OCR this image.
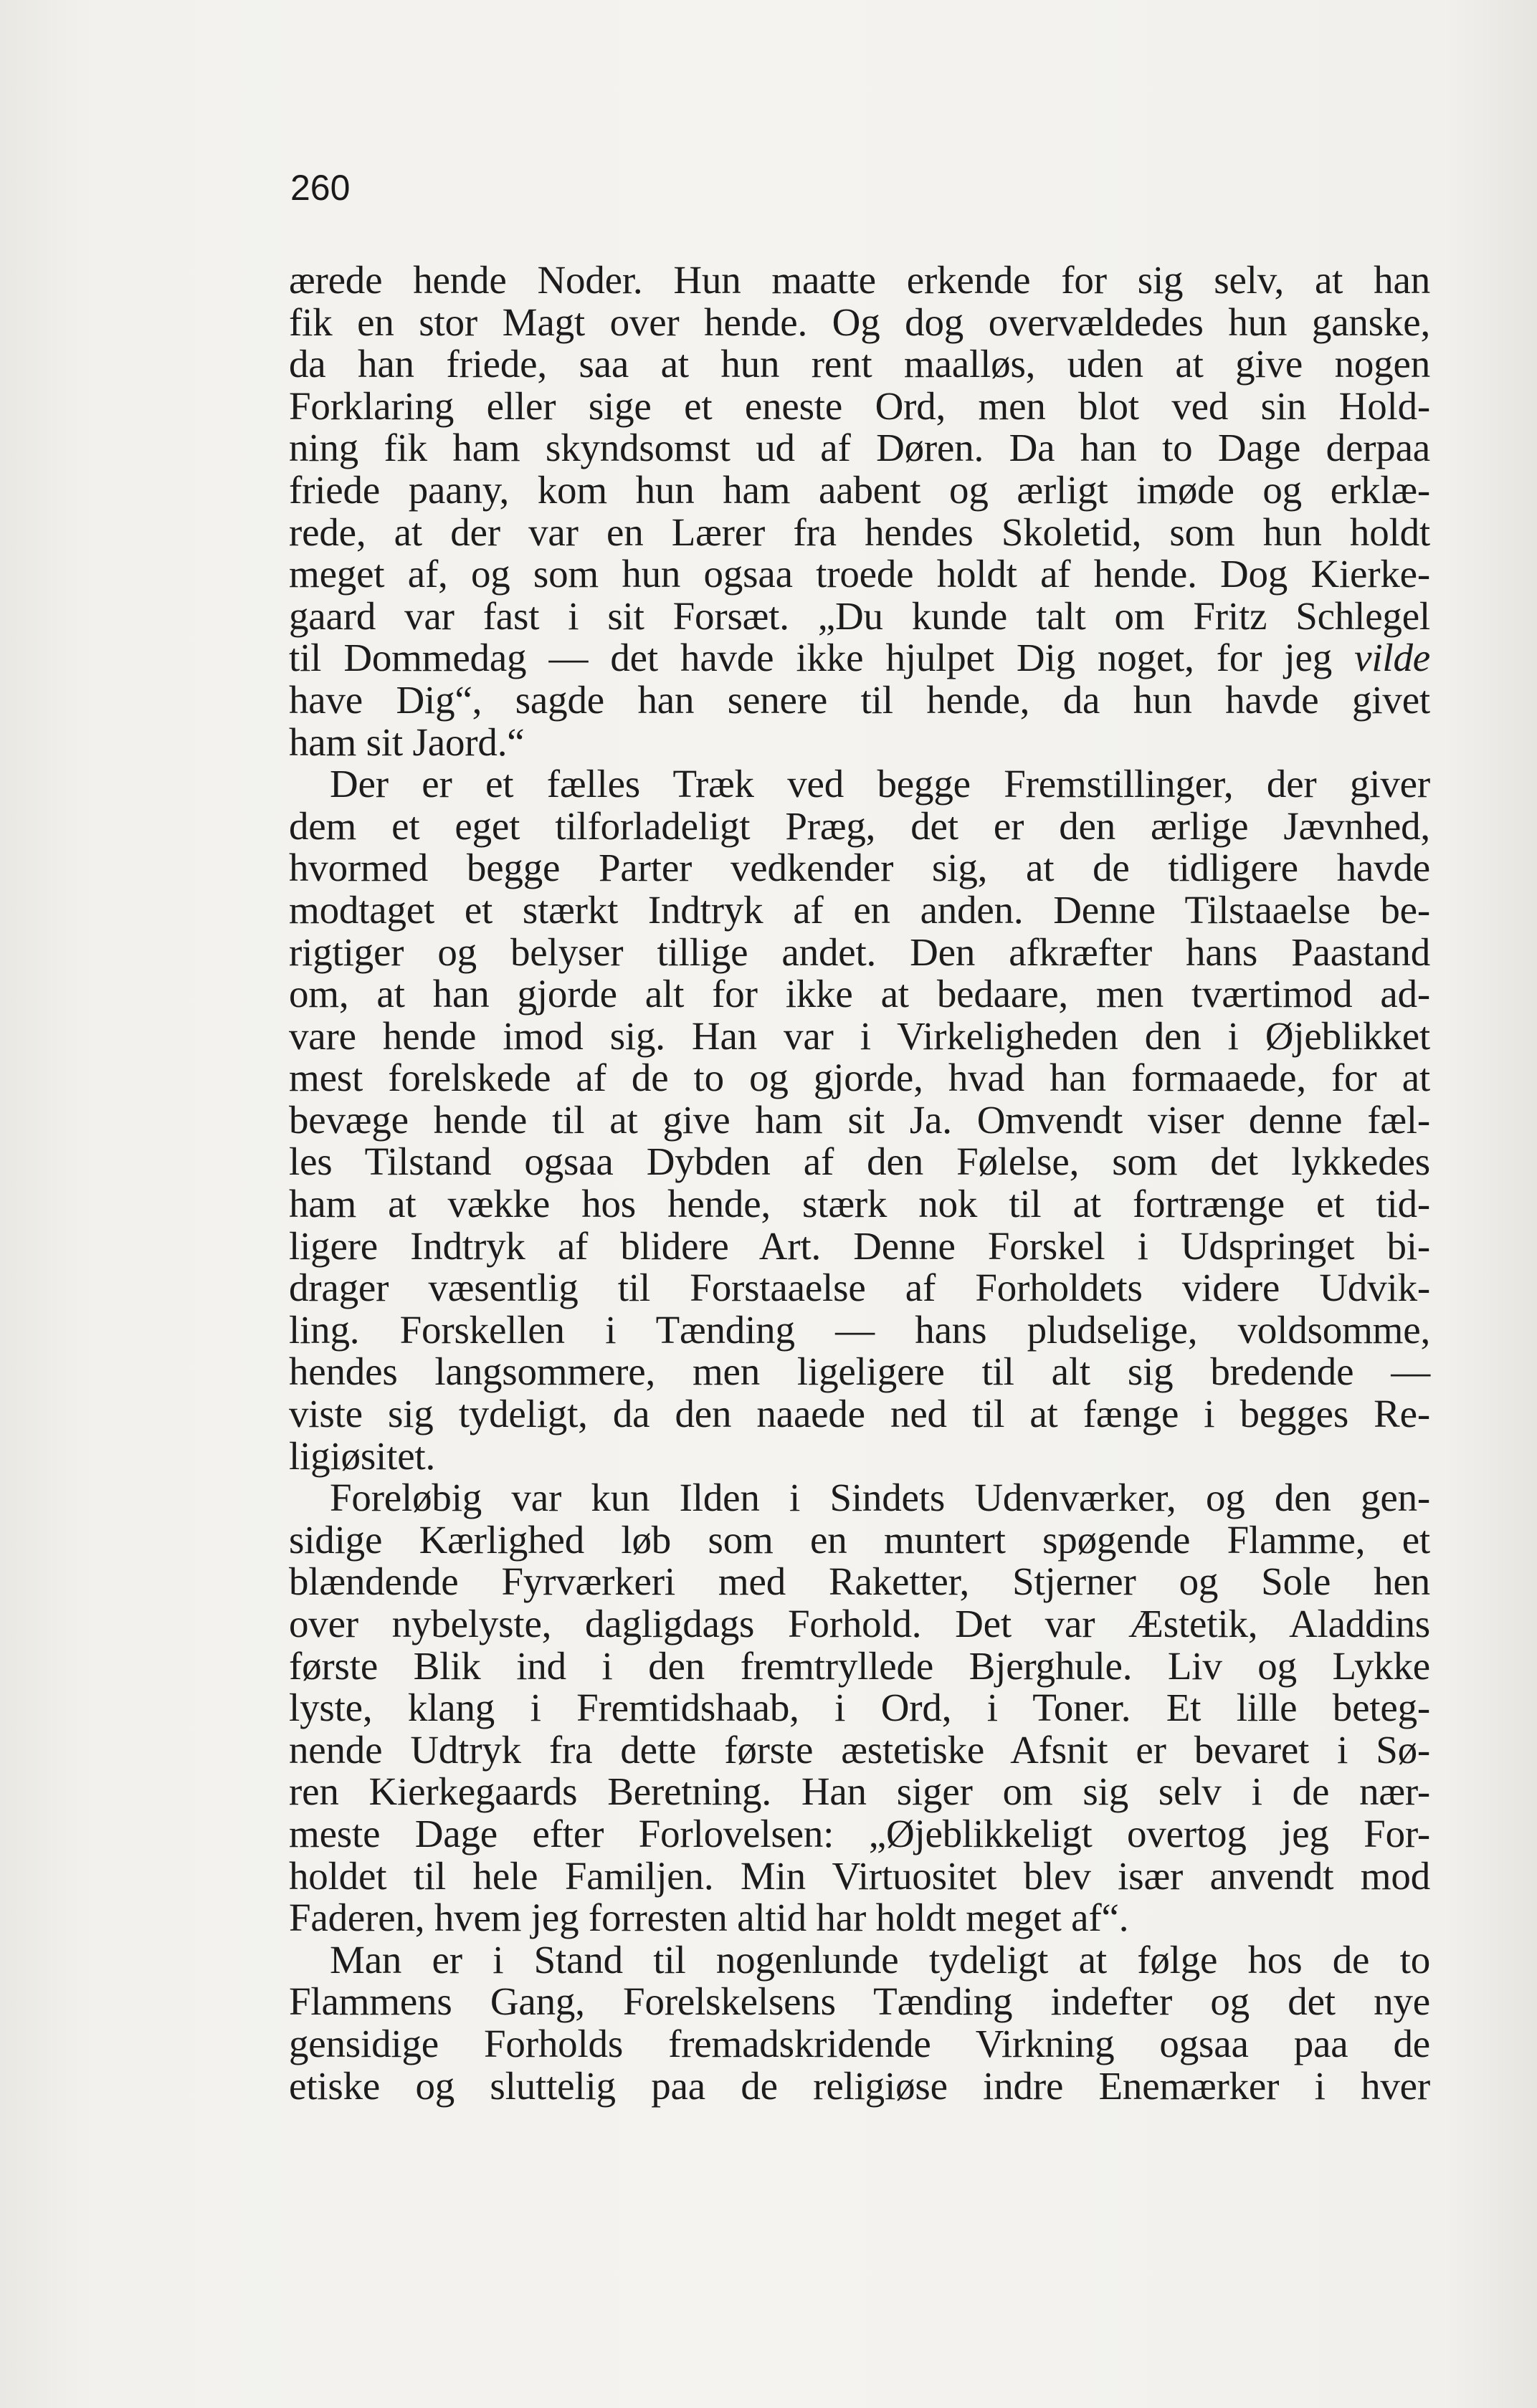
260
ærede hende Noder. Hun maatte erkende for sig selv, at han
fik en stor Magt over hende. Og dog overvældedes hun ganske,
da han friede, saa at hun rent maalløs, uden at give nogen
Forklaring eller sige et eneste Ord, men blot ved sin Hold-
ning fik ham skyndsomst ud af Døren. Da han to Dage derpaa
friede paany, kom hun ham aabent og ærligt imøde og erklæ-
rede, at der var en Lærer fra hendes Skoletid, som hun holdt
meget af, og som hun ogsaa troede holdt af hende. Dog Kierke-
gaard var fast i sit Forsæt. „Du kunde talt om Fritz Schlegel
til Dommedag — det havde ikke hjulpet Dig noget, for jeg vilde
have Dig“, sagde han senere til hende, da hun havde givet
ham sit Jaord.“
Der er et fælles Træk ved begge Fremstillinger, der giver
dem et eget tilforladeligt Præg, det er den ærlige Jævnhed,
hvormed begge Parter vedkender sig, at de tidligere havde
modtaget et stærkt Indtryk af en anden. Denne Tilstaaelse be-
rigtiger og belyser tillige andet. Den afkræfter hans Paastand
om, at han gjorde alt for ikke at bedaare, men tværtimod ad-
vare hende imod sig. Han var i Virkeligheden den i Øjeblikket
mest forelskede af de to og gjorde, hvad han formaaede, for at
bevæge hende til at give ham sit Ja. Omvendt viser denne fæl-
les Tilstand ogsaa Dybden af den Følelse, som det lykkedes
ham at vække hos hende, stærk nok til at fortrænge et tid-
ligere Indtryk af blidere Art. Denne Forskel i Udspringet bi-
drager væsentlig til Forstaaelse af Forholdets videre Udvik-
ling. Forskellen i Tænding — hans pludselige, voldsomme,
hendes langsommere, men ligeligere til alt sig bredende —
viste sig tydeligt, da den naaede ned til at fænge i begges Re-
ligiøsitet.
Foreløbig var kun Ilden i Sindets Udenværker, og den gen-
sidige Kærlighed løb som en muntert spøgende Flamme, et
blændende Fyrværkeri med Raketter, Stjerner og Sole hen
over nybelyste, dagligdags Forhold. Det var Æstetik, Aladdins
første Blik ind i den fremtryllede Bjerghule. Liv og Lykke
lyste, klang i Fremtidshaab, i Ord, i Toner. Et lille beteg-
nende Udtryk fra dette første æstetiske Afsnit er bevaret i Sø-
ren Kierkegaards Beretning. Han siger om sig selv i de nær-
meste Dage efter Forlovelsen: „Øjeblikkeligt overtog jeg For-
holdet til hele Familjen. Min Virtuositet blev især anvendt mod
Faderen, hvem jeg forresten altid har holdt meget af“.
Man er i Stand til nogenlunde tydeligt at følge hos de to
Flammens Gang, Forelskelsens Tænding indefter og det nye
gensidige Forholds fremadskridende Virkning ogsaa paa de
etiske og sluttelig paa de religiøse indre Enemærker i hver
